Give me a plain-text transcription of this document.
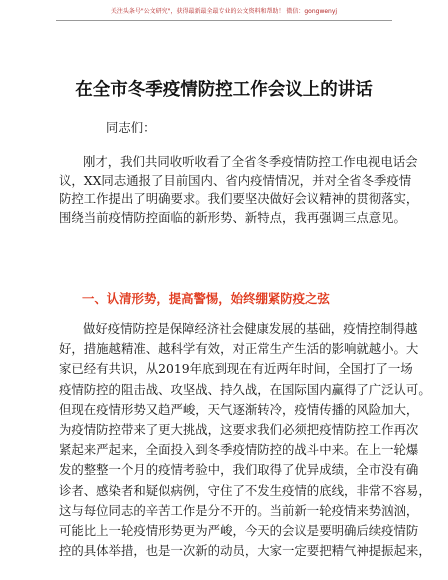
关注头条号"公文研究"，获得最新最全最专业的公文资料和帮助！ 微信：gongwenyj
在全市冬季疫情防控工作会议上的讲话
同志们：
刚才，我们共同收听收看了全省冬季疫情防控工作电视电话会
议，XX同志通报了目前国内、省内疫情情况，并对全省冬季疫情
防控工作提出了明确要求。我们要坚决做好会议精神的贯彻落实，
围绕当前疫情防控面临的新形势、新特点，我再强调三点意见。
一、认清形势，提高警惕，始终绷紧防疫之弦
做好疫情防控是保障经济社会健康发展的基础，疫情控制得越
好，措施越精准、越科学有效，对正常生产生活的影响就越小。大
家已经有共识，从2019年底到现在有近两年时间，全国打了一场
疫情防控的阻击战、攻坚战、持久战，在国际国内赢得了广泛认可。
但现在疫情形势又趋严峻，天气逐渐转冷，疫情传播的风险加大，
为疫情防控带来了更大挑战，这要求我们必须把疫情防控工作再次
紧起来严起来，全面投入到冬季疫情防控的战斗中来。在上一轮爆
发的整整一个月的疫情考验中，我们取得了优异成绩，全市没有确
诊者、感染者和疑似病例，守住了不发生疫情的底线，非常不容易，
这与每位同志的辛苦工作是分不开的。当前新一轮疫情来势汹汹，
可能比上一轮疫情形势更为严峻，今天的会议是要明确后续疫情防
控的具体举措，也是一次新的动员，大家一定要把精气神提振起来，
